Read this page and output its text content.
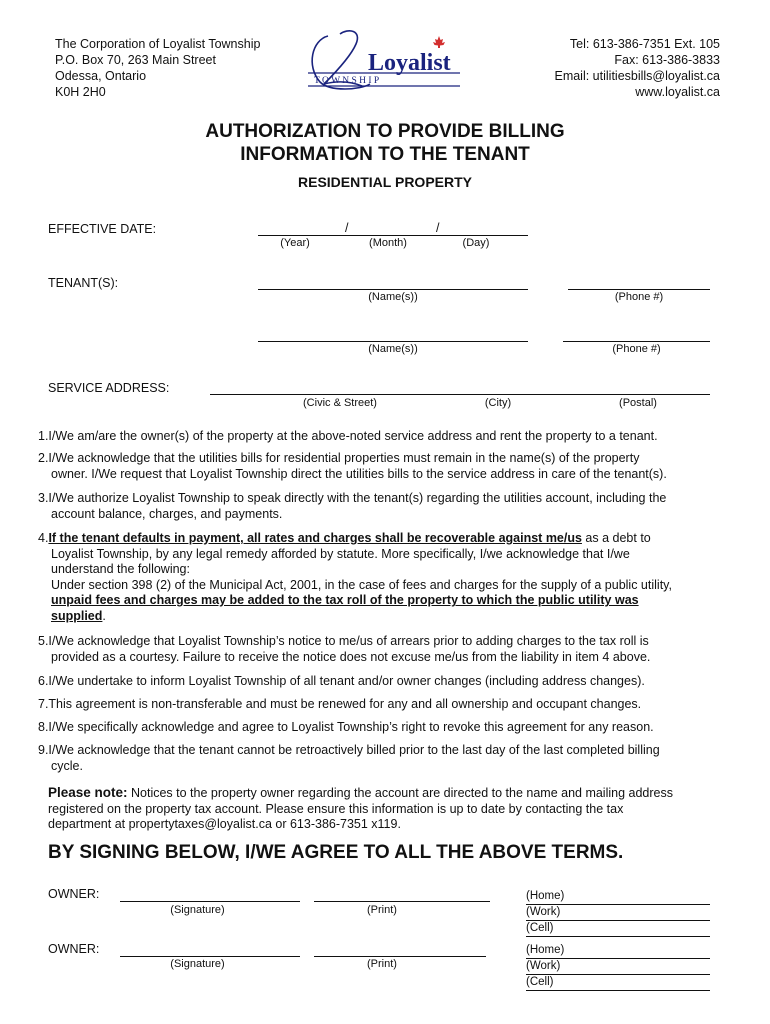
The Corporation of Loyalist Township
P.O. Box 70, 263 Main Street
Odessa, Ontario
K0H 2H0
Loyalist
T O W N S H I P
Tel: 613-386-7351 Ext. 105
Fax: 613-386-3833
Email: utilitiesbills@loyalist.ca
www.loyalist.ca
AUTHORIZATION TO PROVIDE BILLING
INFORMATION TO THE TENANT
RESIDENTIAL PROPERTY
EFFECTIVE DATE:	/	/
(Year)	(Month)	(Day)
TENANT(S):
(Name(s))	(Phone #)
(Name(s))	(Phone #)
SERVICE ADDRESS:
(Civic & Street)	(City)	(Postal)
1.I/We am/are the owner(s) of the property at the above-noted service address and rent the property to a tenant.
2.I/We acknowledge that the utilities bills for residential properties must remain in the name(s) of the property
owner. I/We request that Loyalist Township direct the utilities bills to the service address in care of the tenant(s).
3.I/We authorize Loyalist Township to speak directly with the tenant(s) regarding the utilities account, including the
account balance, charges, and payments.
4.If the tenant defaults in payment, all rates and charges shall be recoverable against me/us as a debt to
Loyalist Township, by any legal remedy afforded by statute. More specifically, I/we acknowledge that I/we
understand the following:
Under section 398 (2) of the Municipal Act, 2001, in the case of fees and charges for the supply of a public utility,
unpaid fees and charges may be added to the tax roll of the property to which the public utility was
supplied.
5.I/We acknowledge that Loyalist Township’s notice to me/us of arrears prior to adding charges to the tax roll is
provided as a courtesy. Failure to receive the notice does not excuse me/us from the liability in item 4 above.
6.I/We undertake to inform Loyalist Township of all tenant and/or owner changes (including address changes).
7.This agreement is non-transferable and must be renewed for any and all ownership and occupant changes.
8.I/We specifically acknowledge and agree to Loyalist Township’s right to revoke this agreement for any reason.
9.I/We acknowledge that the tenant cannot be retroactively billed prior to the last day of the last completed billing
cycle.
Please note: Notices to the property owner regarding the account are directed to the name and mailing address
registered on the property tax account. Please ensure this information is up to date by contacting the tax
department at propertytaxes@loyalist.ca or 613-386-7351 x119.
BY SIGNING BELOW, I/WE AGREE TO ALL THE ABOVE TERMS.
OWNER:
(Signature)	(Print)
(Home)
(Work)
(Cell)
OWNER:
(Signature)	(Print)
(Home)
(Work)
(Cell)
